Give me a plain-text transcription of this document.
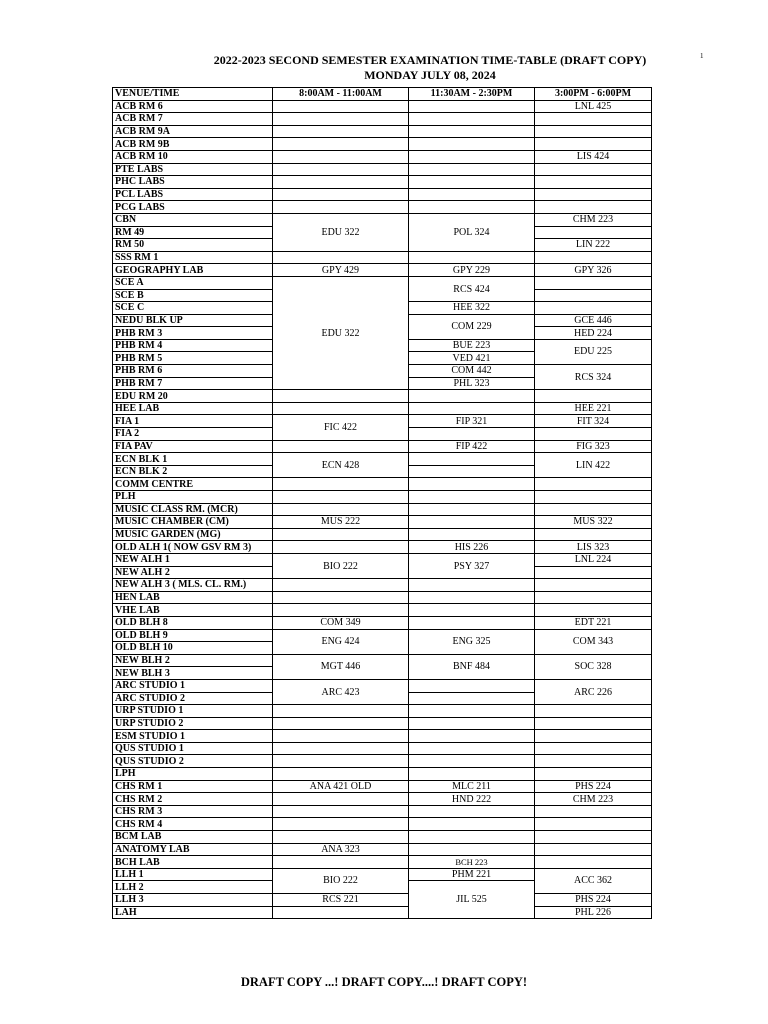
1
2022-2023 SECOND SEMESTER EXAMINATION TIME-TABLE (DRAFT COPY)
MONDAY JULY 08, 2024
VENUE/TIME	8:00AM - 11:00AM	11:30AM - 2:30PM	3:00PM - 6:00PM
ACB RM 6			LNL 425
ACB RM 7			
ACB RM 9A			
ACB RM 9B			
ACB RM 10			LIS 424
PTE LABS			
PHC LABS			
PCL LABS			
PCG LABS			
CBN	EDU 322	POL 324	CHM 223
RM 49			
RM 50			LIN 222
SSS RM 1			
GEOGRAPHY LAB	GPY 429	GPY 229	GPY 326
SCE A	EDU 322	RCS 424	
SCE B			
SCE C		HEE 322	
NEDU BLK UP		COM 229	GCE 446
PHB RM 3			HED 224
PHB RM 4		BUE 223	EDU 225
PHB RM 5		VED 421	
PHB RM 6		COM 442	RCS 324
PHB RM 7		PHL 323	
EDU RM 20			
HEE LAB			HEE 221
FIA 1	FIC 422	FIP 321	FIT 324
FIA 2			
FIA PAV		FIP 422	FIG 323
ECN BLK 1	ECN 428		LIN 422
ECN BLK 2			
COMM CENTRE			
PLH			
MUSIC CLASS RM. (MCR)			
MUSIC CHAMBER (CM)	MUS 222		MUS 322
MUSIC GARDEN (MG)			
OLD ALH 1( NOW GSV RM 3)		HIS 226	LIS 323
NEW ALH 1	BIO 222	PSY 327	LNL 224
NEW ALH 2			
NEW ALH 3 ( MLS. CL. RM.)			
HEN LAB			
VHE LAB			
OLD BLH 8	COM 349		EDT 221
OLD BLH 9	ENG 424	ENG 325	COM 343
OLD BLH 10			
NEW BLH 2	MGT 446	BNF 484	SOC 328
NEW BLH 3			
ARC STUDIO 1	ARC 423		ARC 226
ARC STUDIO 2			
URP STUDIO 1			
URP STUDIO 2			
ESM STUDIO 1			
QUS STUDIO 1			
QUS STUDIO 2			
LPH			
CHS RM 1	ANA 421 OLD	MLC 211	PHS 224
CHS RM 2		HND 222	CHM 223
CHS RM 3			
CHS RM 4			
BCM LAB			
ANATOMY LAB	ANA 323		
BCH LAB		BCH 223	
LLH 1	BIO 222	PHM 221	ACC 362
LLH 2		JIL 525	
LLH 3	RCS 221		PHS 224
LAH			PHL 226
DRAFT COPY ...! DRAFT COPY....! DRAFT COPY!
